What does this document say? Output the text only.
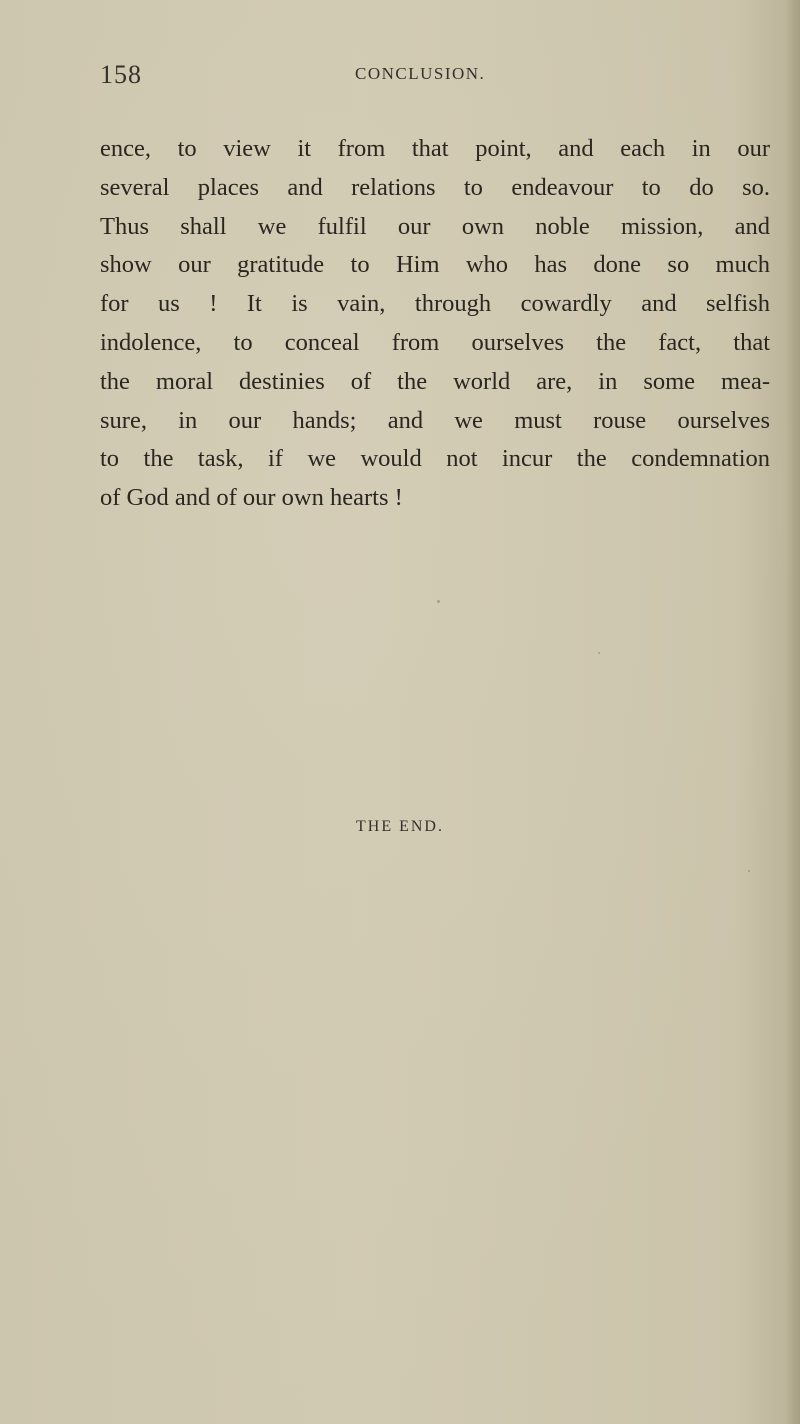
158	CONCLUSION.
ence, to view it from that point, and each in our
several places and relations to endeavour to do so.
Thus shall we fulfil our own noble mission, and
show our gratitude to Him who has done so much
for us ! It is vain, through cowardly and selfish
indolence, to conceal from ourselves the fact, that
the moral destinies of the world are, in some mea-
sure, in our hands; and we must rouse ourselves
to the task, if we would not incur the condemnation
of God and of our own hearts !
THE END.
